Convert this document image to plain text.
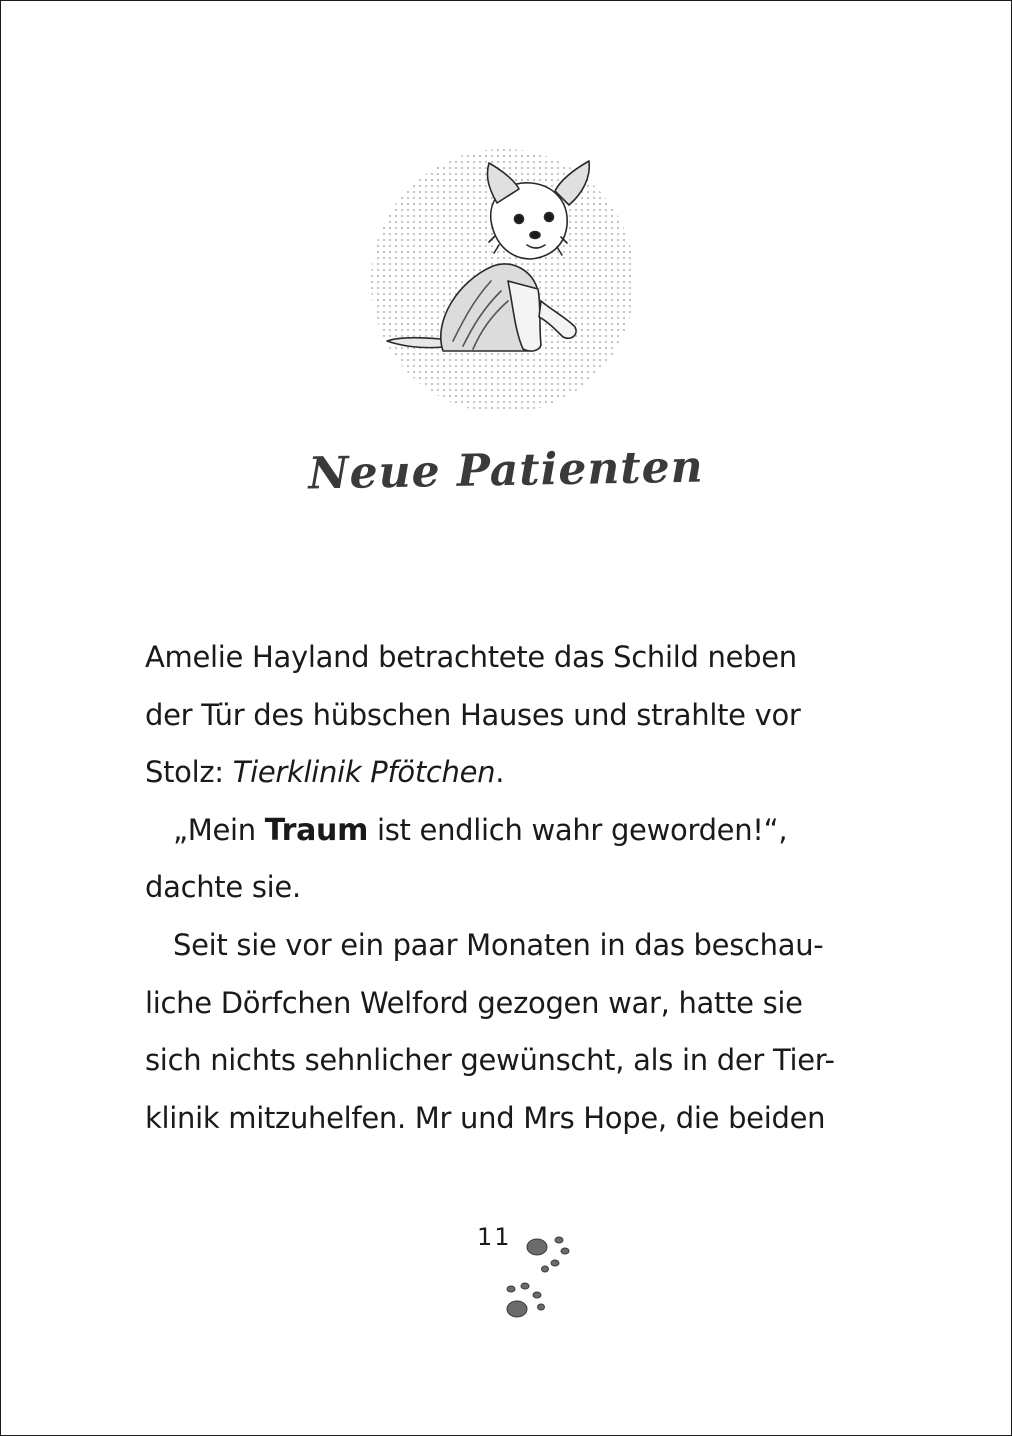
Neue Patienten
Amelie Hayland betrachtete das Schild neben
der Tür des hübschen Hauses und strahlte vor
Stolz: Tierklinik Pfötchen.
„Mein Traum ist endlich wahr geworden!“,
dachte sie.
Seit sie vor ein paar Monaten in das beschau-
liche Dörfchen Welford gezogen war, hatte sie
sich nichts sehnlicher gewünscht, als in der Tier-
klinik mitzuhelfen. Mr und Mrs Hope, die beiden
11
